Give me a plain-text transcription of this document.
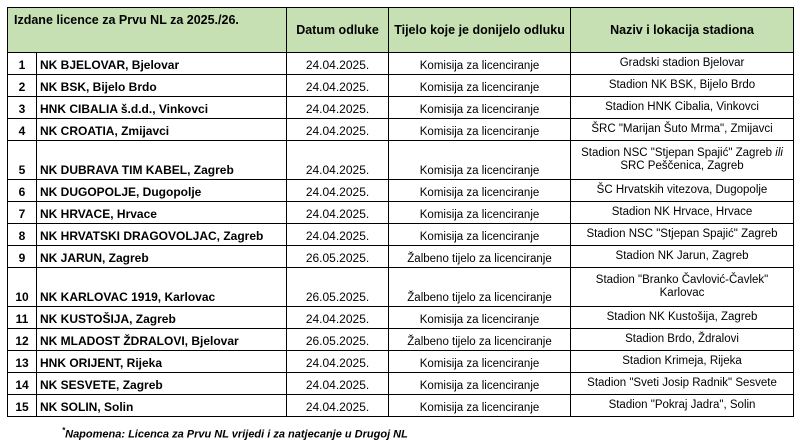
Izdane licence za Prvu NL za 2025./26.		Datum odluke	Tijelo koje je donijelo odluku	Naziv i lokacija stadiona
1	NK BJELOVAR, Bjelovar	24.04.2025.	Komisija za licenciranje	Gradski stadion Bjelovar
2	NK BSK, Bijelo Brdo	24.04.2025.	Komisija za licenciranje	Stadion NK BSK, Bijelo Brdo
3	HNK CIBALIA š.d.d., Vinkovci	24.04.2025.	Komisija za licenciranje	Stadion HNK Cibalia, Vinkovci
4	NK CROATIA, Zmijavci	24.04.2025.	Komisija za licenciranje	ŠRC "Marijan Šuto Mrma", Zmijavci
5	NK DUBRAVA TIM KABEL, Zagreb	24.04.2025.	Komisija za licenciranje	Stadion NSC "Stjepan Spajić" Zagreb ili
SRC Peščenica, Zagreb
6	NK DUGOPOLJE, Dugopolje	24.04.2025.	Komisija za licenciranje	ŠC Hrvatskih vitezova, Dugopolje
7	NK HRVACE, Hrvace	24.04.2025.	Komisija za licenciranje	Stadion NK Hrvace, Hrvace
8	NK HRVATSKI DRAGOVOLJAC, Zagreb	24.04.2025.	Komisija za licenciranje	Stadion NSC "Stjepan Spajić" Zagreb
9	NK JARUN, Zagreb	26.05.2025.	Žalbeno tijelo za licenciranje	Stadion NK Jarun, Zagreb
10	NK KARLOVAC 1919, Karlovac	26.05.2025.	Žalbeno tijelo za licenciranje	Stadion "Branko Čavlović-Čavlek"
Karlovac
11	NK KUSTOŠIJA, Zagreb	24.04.2025.	Komisija za licenciranje	Stadion NK Kustošija, Zagreb
12	NK MLADOST ŽDRALOVI, Bjelovar	26.05.2025.	Žalbeno tijelo za licenciranje	Stadion Brdo, Ždralovi
13	HNK ORIJENT, Rijeka	24.04.2025.	Komisija za licenciranje	Stadion Krimeja, Rijeka
14	NK SESVETE, Zagreb	24.04.2025.	Komisija za licenciranje	Stadion "Sveti Josip Radnik" Sesvete
15	NK SOLIN, Solin	24.04.2025.	Komisija za licenciranje	Stadion "Pokraj Jadra", Solin
*Napomena: Licenca za Prvu NL vrijedi i za natjecanje u Drugoj NL
